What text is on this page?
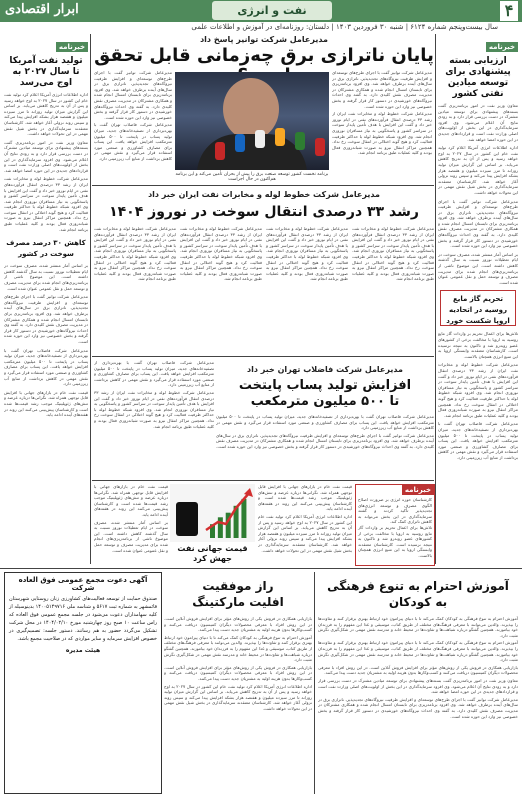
۴
نفت و انرژی
ابرار اقتصادی
سال بیست‌وپنجم شماره ۶۱۲۴ | شنبه ۳۰ فروردین ۱۴۰۳ | دلستان: روزنامه‌ای در آموزش و اطلاعات علمی
خبرنامه
تولید نفت آمریکا تا سال ۲۰۲۷ به اوج می‌رسد
اداره اطلاعات انرژی آمریکا اعلام کرد تولید نفت خام این کشور در سال ۲۰۲۷ به اوج خواهد رسید و پس از آن به تدریج کاهش می‌یابد. بر اساس این گزارش میزان تولید روزانه تا مرز سیزده میلیون و هفتصد هزار بشکه افزایش پیدا می‌کند و سپس روند نزولی آغاز خواهد شد. کارشناسان معتقدند سرمایه‌گذاری در بخش شیل نقش مهمی در این تحولات خواهد داشت.
معاون وزیر نفت در امور برنامه‌ریزی گفت بسته‌های پیشنهادی برای توسعه میادین مشترک در دست بررسی قرار دارد و به زودی نتایج آن اعلام می‌شود. وی افزود سرمایه‌گذاری در این بخش از اولویت‌های اصلی وزارت نفت است و قراردادهای جدیدی در این حوزه امضا خواهد شد.
مدیرعامل شرکت خطوط لوله و مخابرات نفت ایران از رشد ۳۳ درصدی انتقال فرآورده‌های نفتی در ایام نوروز خبر داد و گفت این افزایش با هدف تأمین پایدار سوخت در سراسر کشور و پاسخگویی به نیاز مسافران نوروزی انجام شد. وی افزود شبکه خطوط لوله با حداکثر ظرفیت فعالیت کرد و هیچ گونه اختلالی در انتقال سوخت رخ نداد. همچنین مراکز انتقال نیرو به صورت شبانه‌روزی فعال بودند و کلیه عملیات طبق برنامه انجام شد.
کاهش ۳۰ درصد مصرف سوخت در کشور
بر اساس آمار منتشر شده، مصرف سوخت در ایام تعطیلات نوروز نسبت به سال گذشته کاهش داشته است. این موضوع ناشی از برنامه‌ریزی‌های انجام شده برای مدیریت مصرف و توسعه حمل و نقل عمومی عنوان شده است.
مدیرعامل شرکت توانیر گفت با اجرای طرح‌های توسعه‌ای و افزایش ظرفیت نیروگاه‌های تجدیدپذیر، ناترازی برق در سال‌های آینده برطرف خواهد شد. وی افزود برنامه‌ریزی برای تابستان امسال انجام شده و همکاری مشترکان در مدیریت مصرف نقش کلیدی دارد. به گفته وی احداث نیروگاه‌های خورشیدی در دستور کار قرار گرفته و بخش خصوصی نیز وارد این حوزه شده است.
مدیرعامل شرکت فاضلاب تهران گفت با بهره‌برداری از تصفیه‌خانه‌های جدید، میزان تولید پساب در پایتخت تا ۵۰۰ میلیون مترمکعب افزایش خواهد یافت. این پساب برای مصارف کشاورزی و صنعتی مورد استفاده قرار می‌گیرد و نقش مهمی در کاهش برداشت از منابع آب زیرزمینی دارد.
قیمت نفت خام در بازارهای جهانی با افزایش قابل توجهی همراه شد. نگرانی‌ها درباره عرضه و تنش‌های ژئوپلیتیک موجب رشد قیمت‌ها شده است و کارشناسان پیش‌بینی می‌کنند این روند در هفته‌های آینده ادامه یابد.
خبرنامه
ارزیابی بسته پیشنهادی برای توسعه میادین نفتی کشور
معاون وزیر نفت در امور برنامه‌ریزی گفت بسته‌های پیشنهادی برای توسعه میادین مشترک در دست بررسی قرار دارد و به زودی نتایج آن اعلام می‌شود. وی افزود سرمایه‌گذاری در این بخش از اولویت‌های اصلی وزارت نفت است و قراردادهای جدیدی در این حوزه امضا خواهد شد.
اداره اطلاعات انرژی آمریکا اعلام کرد تولید نفت خام این کشور در سال ۲۰۲۷ به اوج خواهد رسید و پس از آن به تدریج کاهش می‌یابد. بر اساس این گزارش میزان تولید روزانه تا مرز سیزده میلیون و هفتصد هزار بشکه افزایش پیدا می‌کند و سپس روند نزولی آغاز خواهد شد. کارشناسان معتقدند سرمایه‌گذاری در بخش شیل نقش مهمی در این تحولات خواهد داشت.
مدیرعامل شرکت توانیر گفت با اجرای طرح‌های توسعه‌ای و افزایش ظرفیت نیروگاه‌های تجدیدپذیر، ناترازی برق در سال‌های آینده برطرف خواهد شد. وی افزود برنامه‌ریزی برای تابستان امسال انجام شده و همکاری مشترکان در مدیریت مصرف نقش کلیدی دارد. به گفته وی احداث نیروگاه‌های خورشیدی در دستور کار قرار گرفته و بخش خصوصی نیز وارد این حوزه شده است.
بر اساس آمار منتشر شده، مصرف سوخت در ایام تعطیلات نوروز نسبت به سال گذشته کاهش داشته است. این موضوع ناشی از برنامه‌ریزی‌های انجام شده برای مدیریت مصرف و توسعه حمل و نقل عمومی عنوان شده است.
تحریم گاز مایع روسیه در اتحادیه اروپا شکست خورد
تلاش‌ها برای اعمال تحریم بر واردات گاز مایع روسیه به اروپا با مخالفت برخی از کشورهای عضو روبه‌رو شد و تاکنون به نتیجه نرسیده است. کارشناسان معتقدند وابستگی اروپا به این منبع انرژی همچنان بالاست.
مدیرعامل شرکت خطوط لوله و مخابرات نفت ایران از رشد ۳۳ درصدی انتقال فرآورده‌های نفتی در ایام نوروز خبر داد و گفت این افزایش با هدف تأمین پایدار سوخت در سراسر کشور و پاسخگویی به نیاز مسافران نوروزی انجام شد. وی افزود شبکه خطوط لوله با حداکثر ظرفیت فعالیت کرد و هیچ گونه اختلالی در انتقال سوخت رخ نداد. همچنین مراکز انتقال نیرو به صورت شبانه‌روزی فعال بودند و کلیه عملیات طبق برنامه انجام شد.
مدیرعامل شرکت فاضلاب تهران گفت با بهره‌برداری از تصفیه‌خانه‌های جدید، میزان تولید پساب در پایتخت تا ۵۰۰ میلیون مترمکعب افزایش خواهد یافت. این پساب برای مصارف کشاورزی و صنعتی مورد استفاده قرار می‌گیرد و نقش مهمی در کاهش برداشت از منابع آب زیرزمینی دارد.
مدیرعامل شرکت توانیر پاسخ داد
پایان ناترازی برق چه‌زمانی قابل تحقق
مدیرعامل شرکت توانیر گفت با اجرای طرح‌های توسعه‌ای و افزایش ظرفیت نیروگاه‌های تجدیدپذیر، ناترازی برق در سال‌های آینده برطرف خواهد شد. وی افزود برنامه‌ریزی برای تابستان امسال انجام شده و همکاری مشترکان در مدیریت مصرف نقش کلیدی دارد. به گفته وی احداث نیروگاه‌های خورشیدی در دستور کار قرار گرفته و بخش خصوصی نیز وارد این حوزه شده است.
مدیرعامل شرکت خطوط لوله و مخابرات نفت ایران از رشد ۳۳ درصدی انتقال فرآورده‌های نفتی در ایام نوروز خبر داد و گفت این افزایش با هدف تأمین پایدار سوخت در سراسر کشور و پاسخگویی به نیاز مسافران نوروزی انجام شد. وی افزود شبکه خطوط لوله با حداکثر ظرفیت فعالیت کرد و هیچ گونه اختلالی در انتقال سوخت رخ نداد. همچنین مراکز انتقال نیرو به صورت شبانه‌روزی فعال بودند و کلیه عملیات طبق برنامه انجام شد.
برنامه نخست کشور توسعه صنعت برق را پیش از بحران تأمین می‌کند و این برنامه هم‌اکنون در حال اجراست
مدیرعامل شرکت توانیر گفت با اجرای طرح‌های توسعه‌ای و افزایش ظرفیت نیروگاه‌های تجدیدپذیر، ناترازی برق در سال‌های آینده برطرف خواهد شد. وی افزود برنامه‌ریزی برای تابستان امسال انجام شده و همکاری مشترکان در مدیریت مصرف نقش کلیدی دارد. به گفته وی احداث نیروگاه‌های خورشیدی در دستور کار قرار گرفته و بخش خصوصی نیز وارد این حوزه شده است.
مدیرعامل شرکت فاضلاب تهران گفت با بهره‌برداری از تصفیه‌خانه‌های جدید، میزان تولید پساب در پایتخت تا ۵۰۰ میلیون مترمکعب افزایش خواهد یافت. این پساب برای مصارف کشاورزی و صنعتی مورد استفاده قرار می‌گیرد و نقش مهمی در کاهش برداشت از منابع آب زیرزمینی دارد.
مدیرعامل شرکت خطوط لوله و مخابرات نفت ایران خبر داد
رشد ۳۳ درصدی انتقال سوخت در نوروز ۱۴۰۴
مدیرعامل شرکت خطوط لوله و مخابرات نفت ایران از رشد ۳۳ درصدی انتقال فرآورده‌های نفتی در ایام نوروز خبر داد و گفت این افزایش با هدف تأمین پایدار سوخت در سراسر کشور و پاسخگویی به نیاز مسافران نوروزی انجام شد. وی افزود شبکه خطوط لوله با حداکثر ظرفیت فعالیت کرد و هیچ گونه اختلالی در انتقال سوخت رخ نداد. همچنین مراکز انتقال نیرو به صورت شبانه‌روزی فعال بودند و کلیه عملیات طبق برنامه انجام شد.
مدیرعامل شرکت خطوط لوله و مخابرات نفت ایران از رشد ۳۳ درصدی انتقال فرآورده‌های نفتی در ایام نوروز خبر داد و گفت این افزایش با هدف تأمین پایدار سوخت در سراسر کشور و پاسخگویی به نیاز مسافران نوروزی انجام شد. وی افزود شبکه خطوط لوله با حداکثر ظرفیت فعالیت کرد و هیچ گونه اختلالی در انتقال سوخت رخ نداد. همچنین مراکز انتقال نیرو به صورت شبانه‌روزی فعال بودند و کلیه عملیات طبق برنامه انجام شد.
مدیرعامل شرکت خطوط لوله و مخابرات نفت ایران از رشد ۳۳ درصدی انتقال فرآورده‌های نفتی در ایام نوروز خبر داد و گفت این افزایش با هدف تأمین پایدار سوخت در سراسر کشور و پاسخگویی به نیاز مسافران نوروزی انجام شد. وی افزود شبکه خطوط لوله با حداکثر ظرفیت فعالیت کرد و هیچ گونه اختلالی در انتقال سوخت رخ نداد. همچنین مراکز انتقال نیرو به صورت شبانه‌روزی فعال بودند و کلیه عملیات طبق برنامه انجام شد.
مدیرعامل شرکت خطوط لوله و مخابرات نفت ایران از رشد ۳۳ درصدی انتقال فرآورده‌های نفتی در ایام نوروز خبر داد و گفت این افزایش با هدف تأمین پایدار سوخت در سراسر کشور و پاسخگویی به نیاز مسافران نوروزی انجام شد. وی افزود شبکه خطوط لوله با حداکثر ظرفیت فعالیت کرد و هیچ گونه اختلالی در انتقال سوخت رخ نداد. همچنین مراکز انتقال نیرو به صورت شبانه‌روزی فعال بودند و کلیه عملیات طبق برنامه انجام شد.
مدیرعامل شرکت فاضلاب تهران گفت با بهره‌برداری از تصفیه‌خانه‌های جدید، میزان تولید پساب در پایتخت تا ۵۰۰ میلیون مترمکعب افزایش خواهد یافت. این پساب برای مصارف کشاورزی و صنعتی مورد استفاده قرار می‌گیرد و نقش مهمی در کاهش برداشت از منابع آب زیرزمینی دارد.
مدیرعامل شرکت خطوط لوله و مخابرات نفت ایران از رشد ۳۳ درصدی انتقال فرآورده‌های نفتی در ایام نوروز خبر داد و گفت این افزایش با هدف تأمین پایدار سوخت در سراسر کشور و پاسخگویی به نیاز مسافران نوروزی انجام شد. وی افزود شبکه خطوط لوله با حداکثر ظرفیت فعالیت کرد و هیچ گونه اختلالی در انتقال سوخت رخ نداد. همچنین مراکز انتقال نیرو به صورت شبانه‌روزی فعال بودند و کلیه عملیات طبق برنامه انجام شد.
مدیرعامل شرکت فاضلاب تهران خبر داد
افزایش تولید پساب پایتخت
تا ۵۰۰ میلیون مترمکعب
مدیرعامل شرکت فاضلاب تهران گفت با بهره‌برداری از تصفیه‌خانه‌های جدید، میزان تولید پساب در پایتخت تا ۵۰۰ میلیون مترمکعب افزایش خواهد یافت. این پساب برای مصارف کشاورزی و صنعتی مورد استفاده قرار می‌گیرد و نقش مهمی در کاهش برداشت از منابع آب زیرزمینی دارد.
مدیرعامل شرکت توانیر گفت با اجرای طرح‌های توسعه‌ای و افزایش ظرفیت نیروگاه‌های تجدیدپذیر، ناترازی برق در سال‌های آینده برطرف خواهد شد. وی افزود برنامه‌ریزی برای تابستان امسال انجام شده و همکاری مشترکان در مدیریت مصرف نقش کلیدی دارد. به گفته وی احداث نیروگاه‌های خورشیدی در دستور کار قرار گرفته و بخش خصوصی نیز وارد این حوزه شده است.
خبرنامه
کارشناسان حوزه انرژی بر ضرورت اصلاح الگوی مصرف و توسعه انرژی‌های تجدیدپذیر تأکید کردند و گفتند سرمایه‌گذاری در این بخش می‌تواند به کاهش ناترازی کمک کند.
تلاش‌ها برای اعمال تحریم بر واردات گاز مایع روسیه به اروپا با مخالفت برخی از کشورهای عضو روبه‌رو شد و تاکنون به نتیجه نرسیده است. کارشناسان معتقدند وابستگی اروپا به این منبع انرژی همچنان بالاست.
قیمت نفت خام در بازارهای جهانی با افزایش قابل توجهی همراه شد. نگرانی‌ها درباره عرضه و تنش‌های ژئوپلیتیک موجب رشد قیمت‌ها شده است و کارشناسان پیش‌بینی می‌کنند این روند در هفته‌های آینده ادامه یابد.
اداره اطلاعات انرژی آمریکا اعلام کرد تولید نفت خام این کشور در سال ۲۰۲۷ به اوج خواهد رسید و پس از آن به تدریج کاهش می‌یابد. بر اساس این گزارش میزان تولید روزانه تا مرز سیزده میلیون و هفتصد هزار بشکه افزایش پیدا می‌کند و سپس روند نزولی آغاز خواهد شد. کارشناسان معتقدند سرمایه‌گذاری در بخش شیل نقش مهمی در این تحولات خواهد داشت.
قیمت جهانی نفت جهش کرد
قیمت نفت خام در بازارهای جهانی با افزایش قابل توجهی همراه شد. نگرانی‌ها درباره عرضه و تنش‌های ژئوپلیتیک موجب رشد قیمت‌ها شده است و کارشناسان پیش‌بینی می‌کنند این روند در هفته‌های آینده ادامه یابد.
بر اساس آمار منتشر شده، مصرف سوخت در ایام تعطیلات نوروز نسبت به سال گذشته کاهش داشته است. این موضوع ناشی از برنامه‌ریزی‌های انجام شده برای مدیریت مصرف و توسعه حمل و نقل عمومی عنوان شده است.
آگهی دعوت مجمع عمومی فوق العاده شرکت
صندوق حمایت از توسعه فعالیت‌های کشاورزی زنان روستایی شهرستان قائمشهر به شماره ثبت ۵۶۱۷ و شناسه ملی ۱۴۰۰۵۱۴۹۷۱۶ بدینوسیله از کلیه سهامداران دعوت می‌شود در جلسه مجمع عمومی فوق العاده که راس ساعت ۱۰ صبح روز چهارشنبه مورخ ۱۴۰۴/۰۲/۱۰ در محل شرکت تشکیل می‌گردد حضور به هم رسانند. دستور جلسه: تصمیم‌گیری در خصوص افزایش سرمایه و سایر مواردی که در صلاحیت مجمع باشد.
هیئت مدیره
راز موفقیت
افلیت مارکتینگ
بازاریابی همکاری در فروش یکی از روش‌های مؤثر برای افزایش فروش آنلاین است. در این روش افراد با معرفی محصولات دیگران کمیسیون دریافت می‌کنند و کسب‌وکارها بدون هزینه اولیه به مشتریان جدید دست پیدا می‌کنند.
آموزش احترام به تنوع فرهنگی به کودکان کمک می‌کند تا با دنیای پیرامون خود ارتباط بهتری برقرار کنند و تفاوت‌ها را بپذیرند. والدین می‌توانند با معرفی فرهنگ‌های مختلف از طریق کتاب، موسیقی و غذا این مفهوم را به فرزندان خود بیاموزند. همچنین گفتگو درباره شباهت‌ها و تفاوت‌ها در محیط خانه و مدرسه نقش مهمی در شکل‌گیری نگرش مثبت دارد.
بازاریابی همکاری در فروش یکی از روش‌های مؤثر برای افزایش فروش آنلاین است. در این روش افراد با معرفی محصولات دیگران کمیسیون دریافت می‌کنند و کسب‌وکارها بدون هزینه اولیه به مشتریان جدید دست پیدا می‌کنند.
اداره اطلاعات انرژی آمریکا اعلام کرد تولید نفت خام این کشور در سال ۲۰۲۷ به اوج خواهد رسید و پس از آن به تدریج کاهش می‌یابد. بر اساس این گزارش میزان تولید روزانه تا مرز سیزده میلیون و هفتصد هزار بشکه افزایش پیدا می‌کند و سپس روند نزولی آغاز خواهد شد. کارشناسان معتقدند سرمایه‌گذاری در بخش شیل نقش مهمی در این تحولات خواهد داشت.
آموزش احترام به تنوع فرهنگی
به کودکان
آموزش احترام به تنوع فرهنگی به کودکان کمک می‌کند تا با دنیای پیرامون خود ارتباط بهتری برقرار کنند و تفاوت‌ها را بپذیرند. والدین می‌توانند با معرفی فرهنگ‌های مختلف از طریق کتاب، موسیقی و غذا این مفهوم را به فرزندان خود بیاموزند. همچنین گفتگو درباره شباهت‌ها و تفاوت‌ها در محیط خانه و مدرسه نقش مهمی در شکل‌گیری نگرش مثبت دارد.
آموزش احترام به تنوع فرهنگی به کودکان کمک می‌کند تا با دنیای پیرامون خود ارتباط بهتری برقرار کنند و تفاوت‌ها را بپذیرند. والدین می‌توانند با معرفی فرهنگ‌های مختلف از طریق کتاب، موسیقی و غذا این مفهوم را به فرزندان خود بیاموزند. همچنین گفتگو درباره شباهت‌ها و تفاوت‌ها در محیط خانه و مدرسه نقش مهمی در شکل‌گیری نگرش مثبت دارد.
بازاریابی همکاری در فروش یکی از روش‌های مؤثر برای افزایش فروش آنلاین است. در این روش افراد با معرفی محصولات دیگران کمیسیون دریافت می‌کنند و کسب‌وکارها بدون هزینه اولیه به مشتریان جدید دست پیدا می‌کنند.
معاون وزیر نفت در امور برنامه‌ریزی گفت بسته‌های پیشنهادی برای توسعه میادین مشترک در دست بررسی قرار دارد و به زودی نتایج آن اعلام می‌شود. وی افزود سرمایه‌گذاری در این بخش از اولویت‌های اصلی وزارت نفت است و قراردادهای جدیدی در این حوزه امضا خواهد شد.
مدیرعامل شرکت توانیر گفت با اجرای طرح‌های توسعه‌ای و افزایش ظرفیت نیروگاه‌های تجدیدپذیر، ناترازی برق در سال‌های آینده برطرف خواهد شد. وی افزود برنامه‌ریزی برای تابستان امسال انجام شده و همکاری مشترکان در مدیریت مصرف نقش کلیدی دارد. به گفته وی احداث نیروگاه‌های خورشیدی در دستور کار قرار گرفته و بخش خصوصی نیز وارد این حوزه شده است.
